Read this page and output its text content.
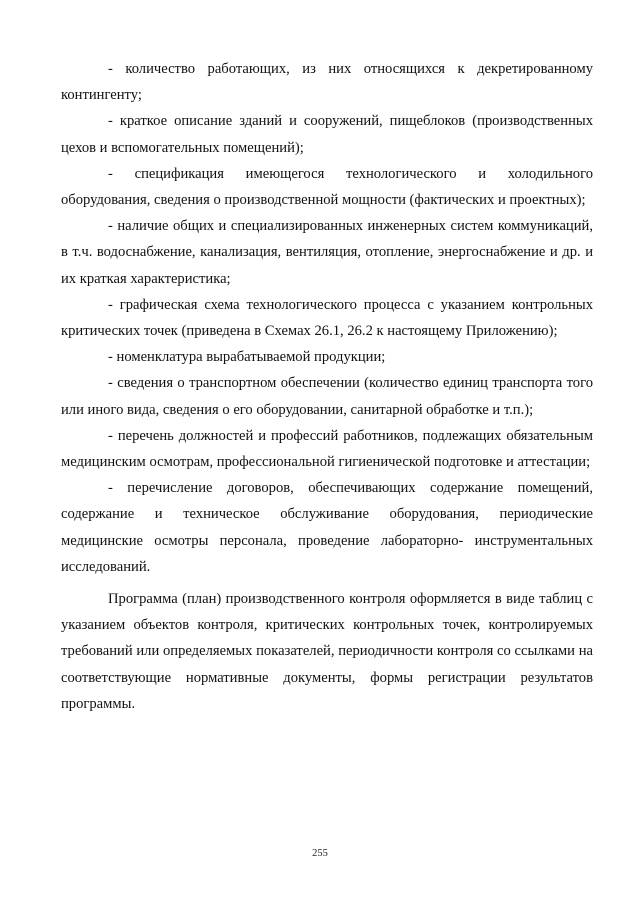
- количество работающих, из них относящихся к декретированному контингенту;

- краткое описание зданий и сооружений, пищеблоков (производственных цехов и вспомогательных помещений);

- спецификация имеющегося технологического и холодильного оборудования, сведения о производственной мощности (фактических и проектных);

- наличие общих и специализированных инженерных систем коммуникаций, в т.ч. водоснабжение, канализация, вентиляция, отопление, энергоснабжение и др. и их краткая характеристика;

- графическая схема технологического процесса с указанием контрольных критических точек (приведена в Схемах 26.1, 26.2 к настоящему Приложению);

- номенклатура вырабатываемой продукции;

- сведения о транспортном обеспечении (количество единиц транспорта того или иного вида, сведения о его оборудовании, санитарной обработке и т.п.);

- перечень должностей и профессий работников, подлежащих обязательным медицинским осмотрам, профессиональной гигиенической подготовке и аттестации;

- перечисление договоров, обеспечивающих содержание помещений, содержание и техническое обслуживание оборудования, периодические медицинские осмотры персонала, проведение лабораторно- инструментальных исследований.

Программа (план) производственного контроля оформляется в виде таблиц с указанием объектов контроля, критических контрольных точек, контролируемых требований или определяемых показателей, периодичности контроля со ссылками на соответствующие нормативные документы, формы регистрации результатов программы.

255
